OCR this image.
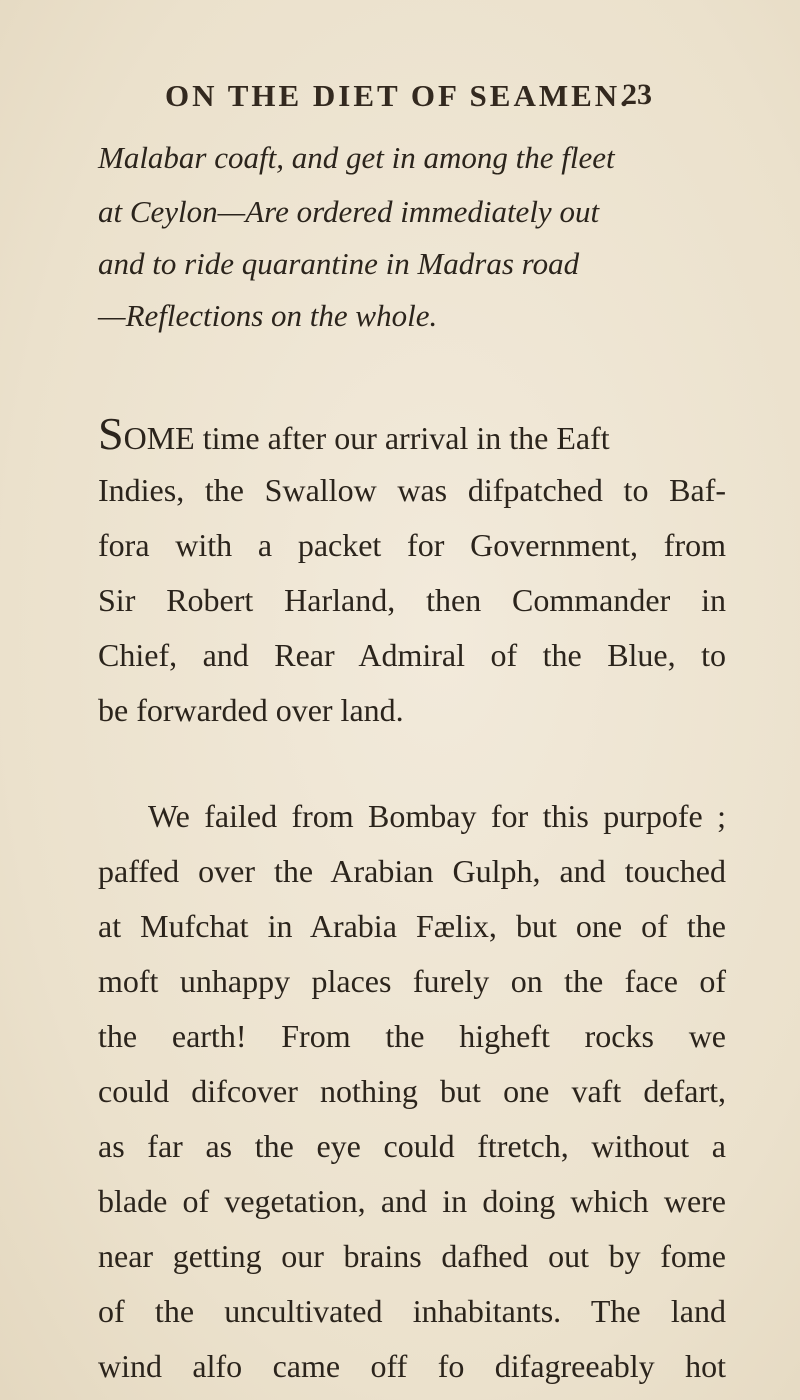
ON THE DIET OF SEAMEN.
23
Malabar coaft, and get in among the fleet
at Ceylon—Are ordered immediately out
and to ride quarantine in Madras road
—Reflections on the whole.
SOME time after our arrival in the Eaft
Indies, the Swallow was difpatched to Baf-
fora with a packet for Government, from
Sir Robert Harland, then Commander in
Chief, and Rear Admiral of the Blue, to
be forwarded over land.
We failed from Bombay for this purpofe ;
paffed over the Arabian Gulph, and touched
at Mufchat in Arabia Fælix, but one of the
moft unhappy places furely on the face of
the earth! From the higheft rocks we
could difcover nothing but one vaft defart,
as far as the eye could ftretch, without a
blade of vegetation, and in doing which were
near getting our brains dafhed out by fome
of the uncultivated inhabitants. The land
wind alfo came off fo difagreeably hot
